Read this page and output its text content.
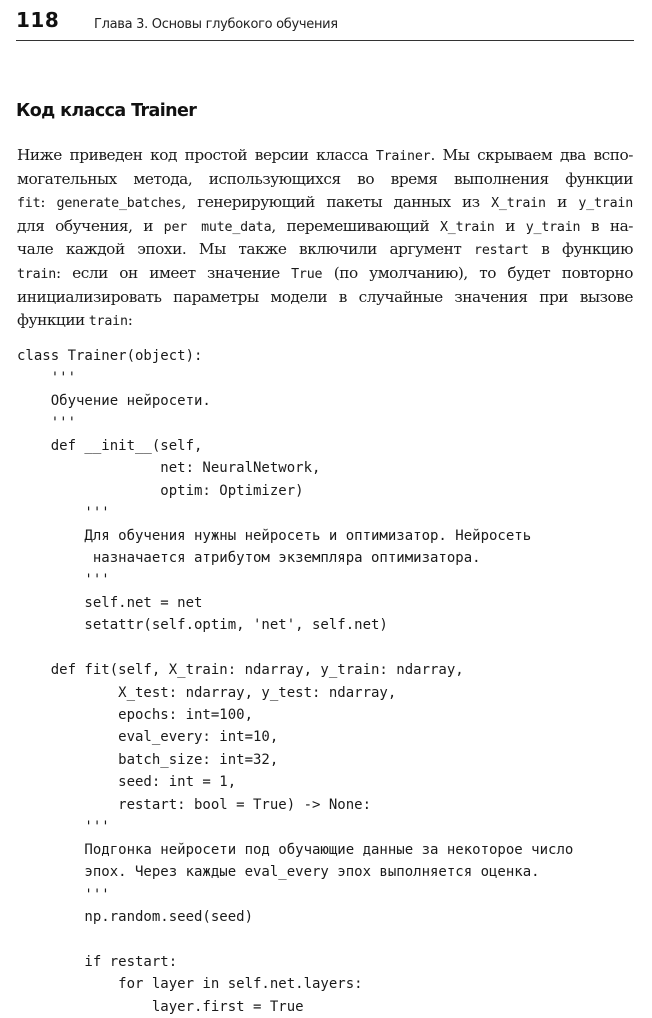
118	Глава 3. Основы глубокого обучения
Код класса Trainer
Ниже приведен код простой версии класса Trainer. Мы скрываем два вспо-
могательных метода, использующихся во время выполнения функции
fit: generate_batches, генерирующий пакеты данных из X_train и y_train
для обучения, и per mute_data, перемешивающий X_train и y_train в на-
чале каждой эпохи. Мы также включили аргумент restart в функцию
train: если он имеет значение True (по умолчанию), то будет повторно
инициализировать параметры модели в случайные значения при вызове
функции train:
class Trainer(object):
'''
Обучение нейросети.
'''
def __init__(self,
net: NeuralNetwork,
optim: Optimizer)
'''
Для обучения нужны нейросеть и оптимизатор. Нейросеть
назначается атрибутом экземпляра оптимизатора.
'''
self.net = net
setattr(self.optim, 'net', self.net)
def fit(self, X_train: ndarray, y_train: ndarray,
X_test: ndarray, y_test: ndarray,
epochs: int=100,
eval_every: int=10,
batch_size: int=32,
seed: int = 1,
restart: bool = True) -> None:
'''
Подгонка нейросети под обучающие данные за некоторое число
эпох. Через каждые eval_every эпох выполняется оценка.
'''
np.random.seed(seed)
if restart:
for layer in self.net.layers:
layer.first = True
